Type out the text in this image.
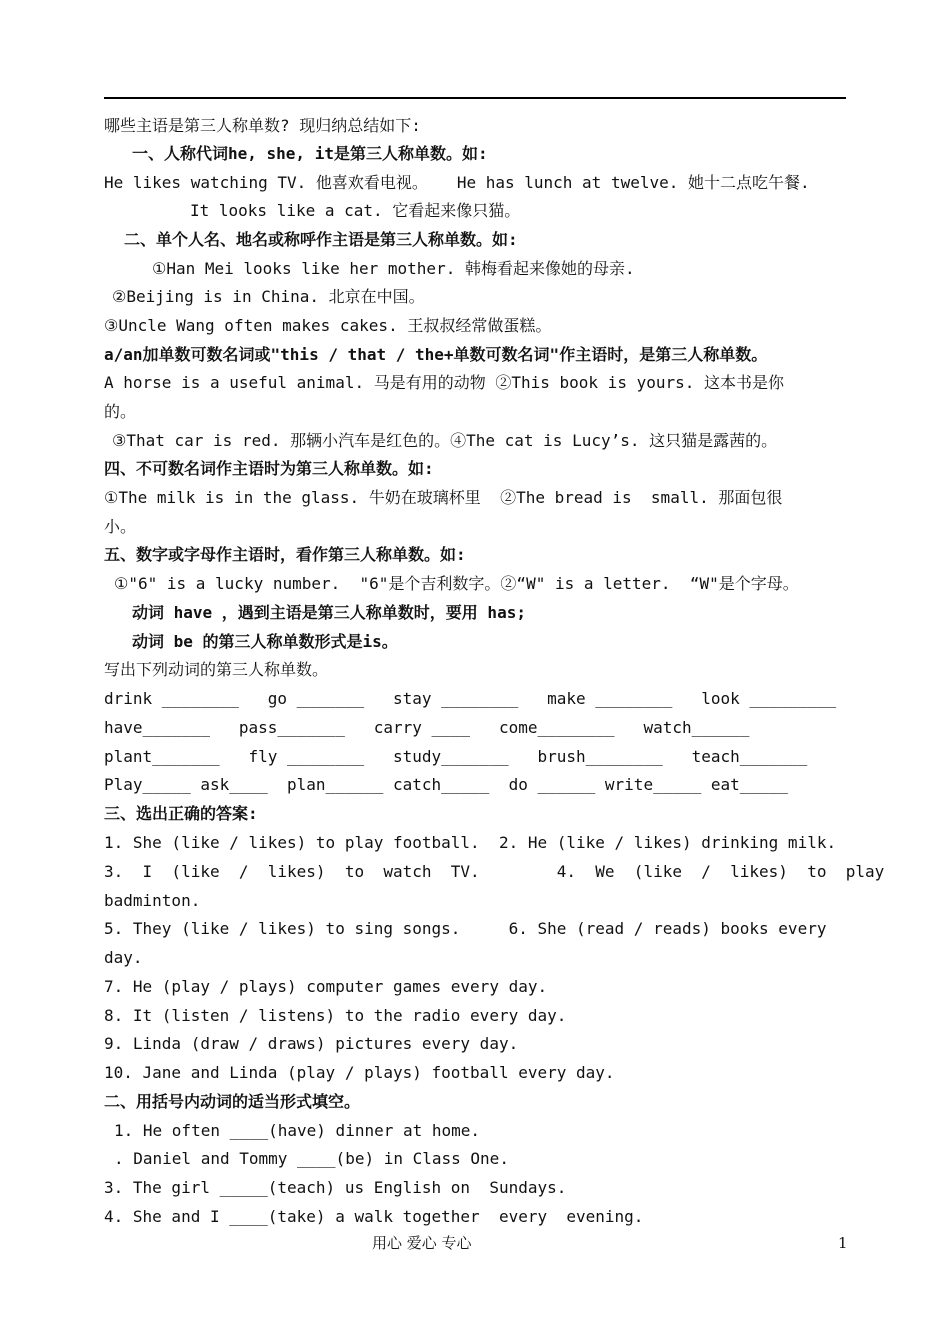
哪些主语是第三人称单数? 现归纳总结如下:
一、人称代词he, she, it是第三人称单数。如:
He likes watching TV. 他喜欢看电视。   He has lunch at twelve. 她十二点吃午餐.
It looks like a cat. 它看起来像只猫。
二、单个人名、地名或称呼作主语是第三人称单数。如:
①Han Mei looks like her mother. 韩梅看起来像她的母亲.
②Beijing is in China. 北京在中国。
③Uncle Wang often makes cakes. 王叔叔经常做蛋糕。
a/an加单数可数名词或"this / that / the+单数可数名词"作主语时，是第三人称单数。
A horse is a useful animal. 马是有用的动物 ②This book is yours. 这本书是你
的。
③That car is red. 那辆小汽车是红色的。④The cat is Lucy’s. 这只猫是露茜的。
四、不可数名词作主语时为第三人称单数。如:
①The milk is in the glass. 牛奶在玻璃杯里  ②The bread is  small. 那面包很
小。
五、数字或字母作主语时，看作第三人称单数。如:
①"6" is a lucky number.  "6"是个吉利数字。②“W" is a letter.  “W"是个字母。
动词 have ，遇到主语是第三人称单数时，要用 has;
动词 be 的第三人称单数形式是is。
写出下列动词的第三人称单数。
drink ________   go _______   stay ________   make ________   look _________
have_______   pass_______   carry ____   come________   watch______
plant_______   fly ________   study_______   brush________   teach_______
Play_____ ask____  plan______ catch_____  do ______ write_____ eat_____
三、选出正确的答案:
1. She (like / likes) to play football.  2. He (like / likes) drinking milk.
3.  I  (like  /  likes)  to  watch  TV.        4.  We  (like  /  likes)  to  play
badminton.
5. They (like / likes) to sing songs.     6. She (read / reads) books every
day.
7. He (play / plays) computer games every day.
8. It (listen / listens) to the radio every day.
9. Linda (draw / draws) pictures every day.
10. Jane and Linda (play / plays) football every day.
二、用括号内动词的适当形式填空。
1. He often ____(have) dinner at home.
. Daniel and Tommy ____(be) in Class One.
3. The girl _____(teach) us English on  Sundays.
4. She and I ____(take) a walk together  every  evening.
用心 爱心 专心	1
